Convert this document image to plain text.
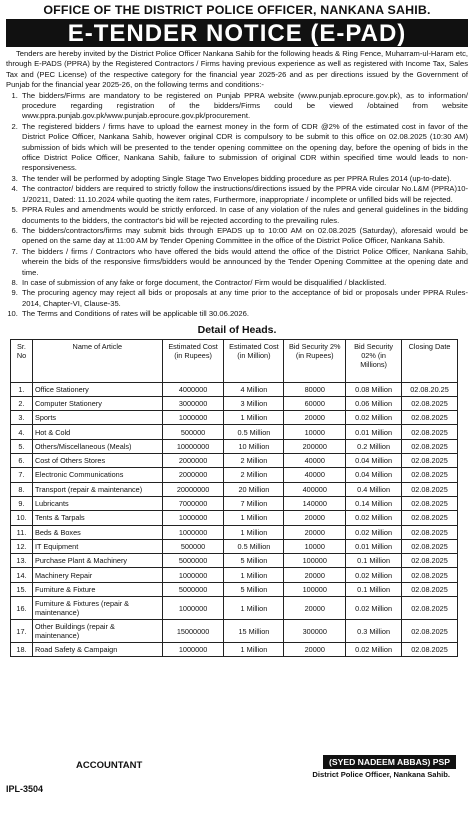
OFFICE OF THE DISTRICT POLICE OFFICER, NANKANA SAHIB.
E-TENDER NOTICE (E-PAD)
Tenders are hereby invited by the District Police Officer Nankana Sahib for the following heads & Ring Fence, Muharram-ul-Haram etc, through E-PADS (PPRA) by the Registered Contractors / Firms having previous experience as well as registered with Income Tax, Sales Tax and (PEC License) of the respective category for the financial year 2025-26 and as per directions issued by the Government of Punjab for the financial year 2025-26, on the following terms and conditions:-
1. The bidders/Firms are mandatory to be registered on Punjab PPRA website (www.punjab.eprocure.gov.pk), as to information/ procedure regarding registration of the bidders/Firms could be viewed /obtained from website www.ppra.punjab.gov.pk/www.punjab.eprocure.gov.pk/procurement.
2. The registered bidders / firms have to upload the earnest money in the form of CDR @2% of the estimated cost in favor of the District Police Officer, Nankana Sahib, however original CDR is compulsory to be submit to this office on 02.08.2025 (10:30 AM) submission of bids which will be presented to the tender opening committee on the opening day, before the opening of bids in the office District Police Officer, Nankana Sahib, failure to submission of original CDR within specified time would leads to non-responsiveness.
3. The tender will be performed by adopting Single Stage Two Envelopes bidding procedure as per PPRA Rules 2014 (up-to-date).
4. The contractor/ bidders are required to strictly follow the instructions/directions issued by the PPRA vide circular No.L&M (PPRA)10-1/20211, Dated: 11.10.2024 while quoting the item rates, Furthermore, inappropriate / incomplete or unfilled bids will be rejected.
5. PPRA Rules and amendments would be strictly enforced. In case of any violation of the rules and general guidelines in the bidding documents to the bidders, the contractor's bid will be rejected according to the prevailing rules.
6. The bidders/contractors/firms may submit bids through EPADS up to 10:00 AM on 02.08.2025 (Saturday), aforesaid would be opened on the same day at 11:00 AM by Tender Opening Committee in the office of the District Police Officer, Nankana Sahib.
7. The bidders / firms / Contractors who have offered the bids would attend the office of the District Police Officer, Nankana Sahib, wherein the bids of the responsive firms/bidders would be announced by the Tender Opening Committee at the opening date and time.
8. In case of submission of any fake or forge document, the Contractor/ Firm would be disqualified / blacklisted.
9. The procuring agency may reject all bids or proposals at any time prior to the acceptance of bid or proposals under PPRA Rules-2014, Chapter-VI, Clause-35.
10. The Terms and Conditions of rates will be applicable till 30.06.2026.
Detail of Heads.
Sr. No	Name of Article	Estimated Cost (in Rupees)	Estimated Cost (in Million)	Bid Security 2% (in Rupees)	Bid Security 02% (in Millions)	Closing Date
1.	Office Stationery	4000000	4 Million	80000	0.08 Million	02.08.20.25
2.	Computer Stationery	3000000	3 Million	60000	0.06 Million	02.08.2025
3.	Sports	1000000	1 Million	20000	0.02 Million	02.08.2025
4.	Hot & Cold	500000	0.5 Million	10000	0.01 Million	02.08.2025
5.	Others/Miscellaneous (Meals)	10000000	10 Million	200000	0.2 Million	02.08.2025
6.	Cost of Others Stores	2000000	2 Million	40000	0.04 Million	02.08.2025
7.	Electronic Communications	2000000	2 Million	40000	0.04 Million	02.08.2025
8.	Transport (repair & maintenance)	20000000	20 Million	400000	0.4 Million	02.08.2025
9.	Lubricants	7000000	7 Million	140000	0.14 Million	02.08.2025
10.	Tents & Tarpals	1000000	1 Million	20000	0.02 Million	02.08.2025
11.	Beds & Boxes	1000000	1 Million	20000	0.02 Million	02.08.2025
12.	IT Equipment	500000	0.5 Million	10000	0.01 Million	02.08.2025
13.	Purchase Plant & Machinery	5000000	5 Million	100000	0.1 Million	02.08.2025
14.	Machinery Repair	1000000	1 Million	20000	0.02 Million	02.08.2025
15.	Furniture & Fixture	5000000	5 Million	100000	0.1 Million	02.08.2025
16.	Furniture & Fixtures (repair & maintenance)	1000000	1 Million	20000	0.02 Million	02.08.2025
17.	Other Buildings (repair & maintenance)	15000000	15 Million	300000	0.3 Million	02.08.2025
18.	Road Safety & Campaign	1000000	1 Million	20000	0.02 Million	02.08.2025
ACCOUNTANT	(SYED NADEEM ABBAS) PSP
District Police Officer, Nankana Sahib.
IPL-3504
